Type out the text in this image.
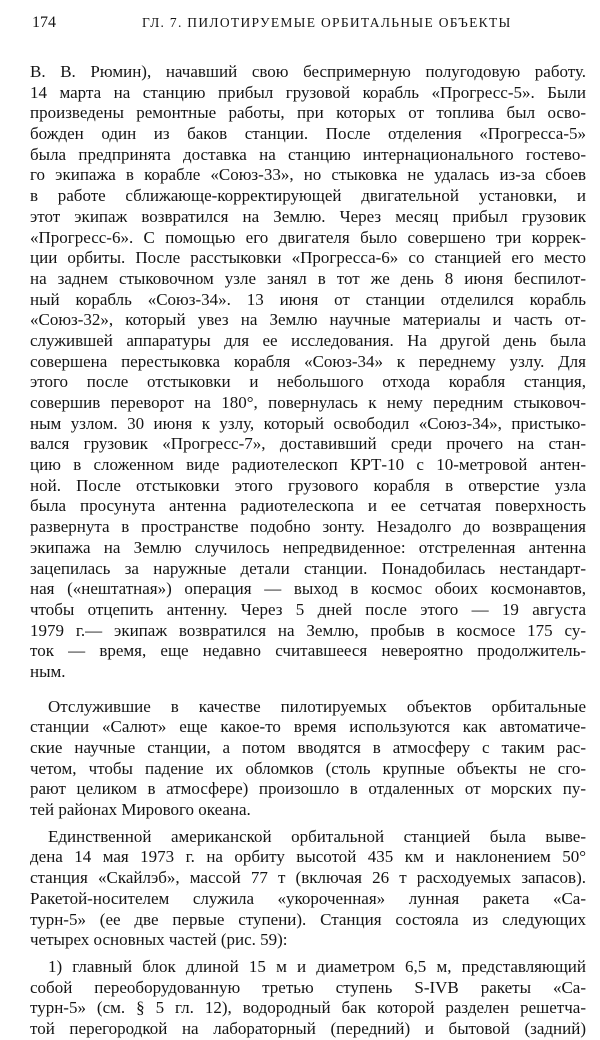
174	ГЛ. 7. ПИЛОТИРУЕМЫЕ ОРБИТАЛЬНЫЕ ОБЪЕКТЫ
В. В. Рюмин), начавший свою беспримерную полугодовую работу.
14 марта на станцию прибыл грузовой корабль «Прогресс-5». Были
произведены ремонтные работы, при которых от топлива был осво-
божден один из баков станции. После отделения «Прогресса-5»
была предпринята доставка на станцию интернационального гостево-
го экипажа в корабле «Союз-33», но стыковка не удалась из-за сбоев
в работе сближающе-корректирующей двигательной установки, и
этот экипаж возвратился на Землю. Через месяц прибыл грузовик
«Прогресс-6». С помощью его двигателя было совершено три коррек-
ции орбиты. После расстыковки «Прогресса-6» со станцией его место
на заднем стыковочном узле занял в тот же день 8 июня беспилот-
ный корабль «Союз-34». 13 июня от станции отделился корабль
«Союз-32», который увез на Землю научные материалы и часть от-
служившей аппаратуры для ее исследования. На другой день была
совершена перестыковка корабля «Союз-34» к переднему узлу. Для
этого после отстыковки и небольшого отхода корабля станция,
совершив переворот на 180°, повернулась к нему передним стыковоч-
ным узлом. 30 июня к узлу, который освободил «Союз-34», пристыко-
вался грузовик «Прогресс-7», доставивший среди прочего на стан-
цию в сложенном виде радиотелескоп КРТ-10 с 10-метровой антен-
ной. После отстыковки этого грузового корабля в отверстие узла
была просунута антенна радиотелескопа и ее сетчатая поверхность
развернута в пространстве подобно зонту. Незадолго до возвращения
экипажа на Землю случилось непредвиденное: отстреленная антенна
зацепилась за наружные детали станции. Понадобилась нестандарт-
ная («нештатная») операция — выход в космос обоих космонавтов,
чтобы отцепить антенну. Через 5 дней после этого — 19 августа
1979 г.— экипаж возвратился на Землю, пробыв в космосе 175 су-
ток — время, еще недавно считавшееся невероятно продолжитель-
ным.
Отслужившие в качестве пилотируемых объектов орбитальные
станции «Салют» еще какое-то время используются как автоматиче-
ские научные станции, а потом вводятся в атмосферу с таким рас-
четом, чтобы падение их обломков (столь крупные объекты не сго-
рают целиком в атмосфере) произошло в отдаленных от морских пу-
тей районах Мирового океана.
Единственной американской орбитальной станцией была выве-
дена 14 мая 1973 г. на орбиту высотой 435 км и наклонением 50°
станция «Скайлэб», массой 77 т (включая 26 т расходуемых запасов).
Ракетой-носителем служила «укороченная» лунная ракета «Са-
турн-5» (ее две первые ступени). Станция состояла из следующих
четырех основных частей (рис. 59):
1) главный блок длиной 15 м и диаметром 6,5 м, представляющий
собой переоборудованную третью ступень S-IVB ракеты «Са-
турн-5» (см. § 5 гл. 12), водородный бак которой разделен решетча-
той перегородкой на лабораторный (передний) и бытовой (задний)
